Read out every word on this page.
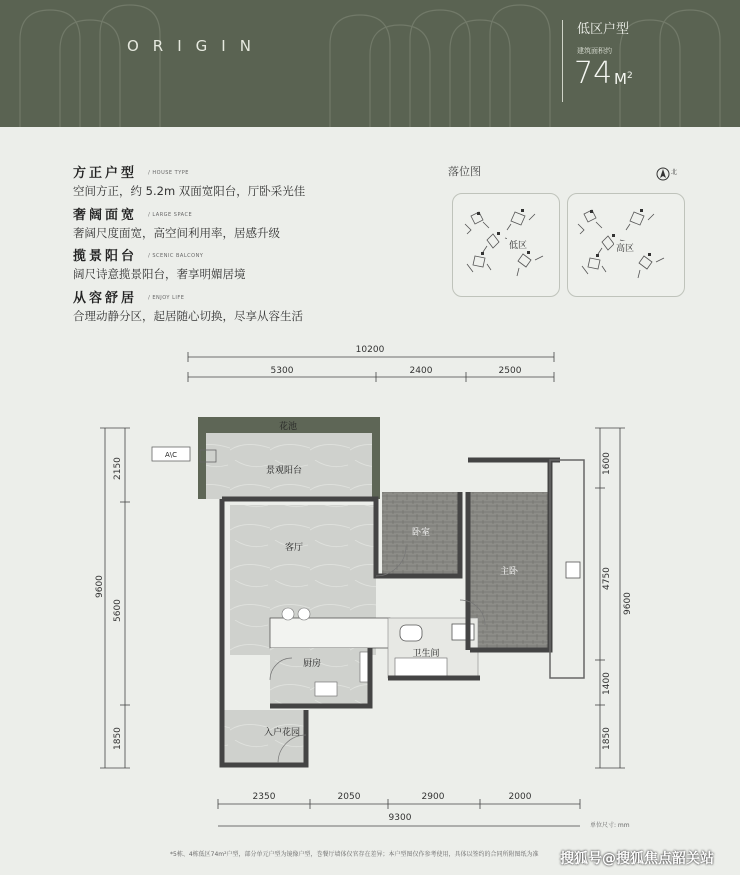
ORIGIN
低区户型
建筑面积约
74 $M^2$
方正户型 / HOUSE TYPE
空间方正，约 5.2m 双面宽阳台，厅卧采光佳
奢阔面宽 / LARGE SPACE
奢阔尺度面宽，高空间利用率，居感升级
揽景阳台 / SCENIC BALCONY
阔尺诗意揽景阳台，奢享明媚居境
从容舒居 / ENJOY LIFE
合理动静分区，起居随心切换，尽享从容生活
落位图	北
低区	高区
10200
5300	2400	2500
9600
2150
5600
1850
1600
4750
1400
1850
9600
2350	2050	2900	2000
9300
花池
景观阳台
客厅
卧室
主卧
厨房
卫生间
入户花园
A\C
单位尺寸: mm
*5栋、4栋低区74m²户型，部分单元户型为镜像户型，巻餐厅墙体仅官存在差异；本户型图仅作参考使用，具体以签约的合同所附图纸为准 搜狐号@搜狐焦点韶关站
